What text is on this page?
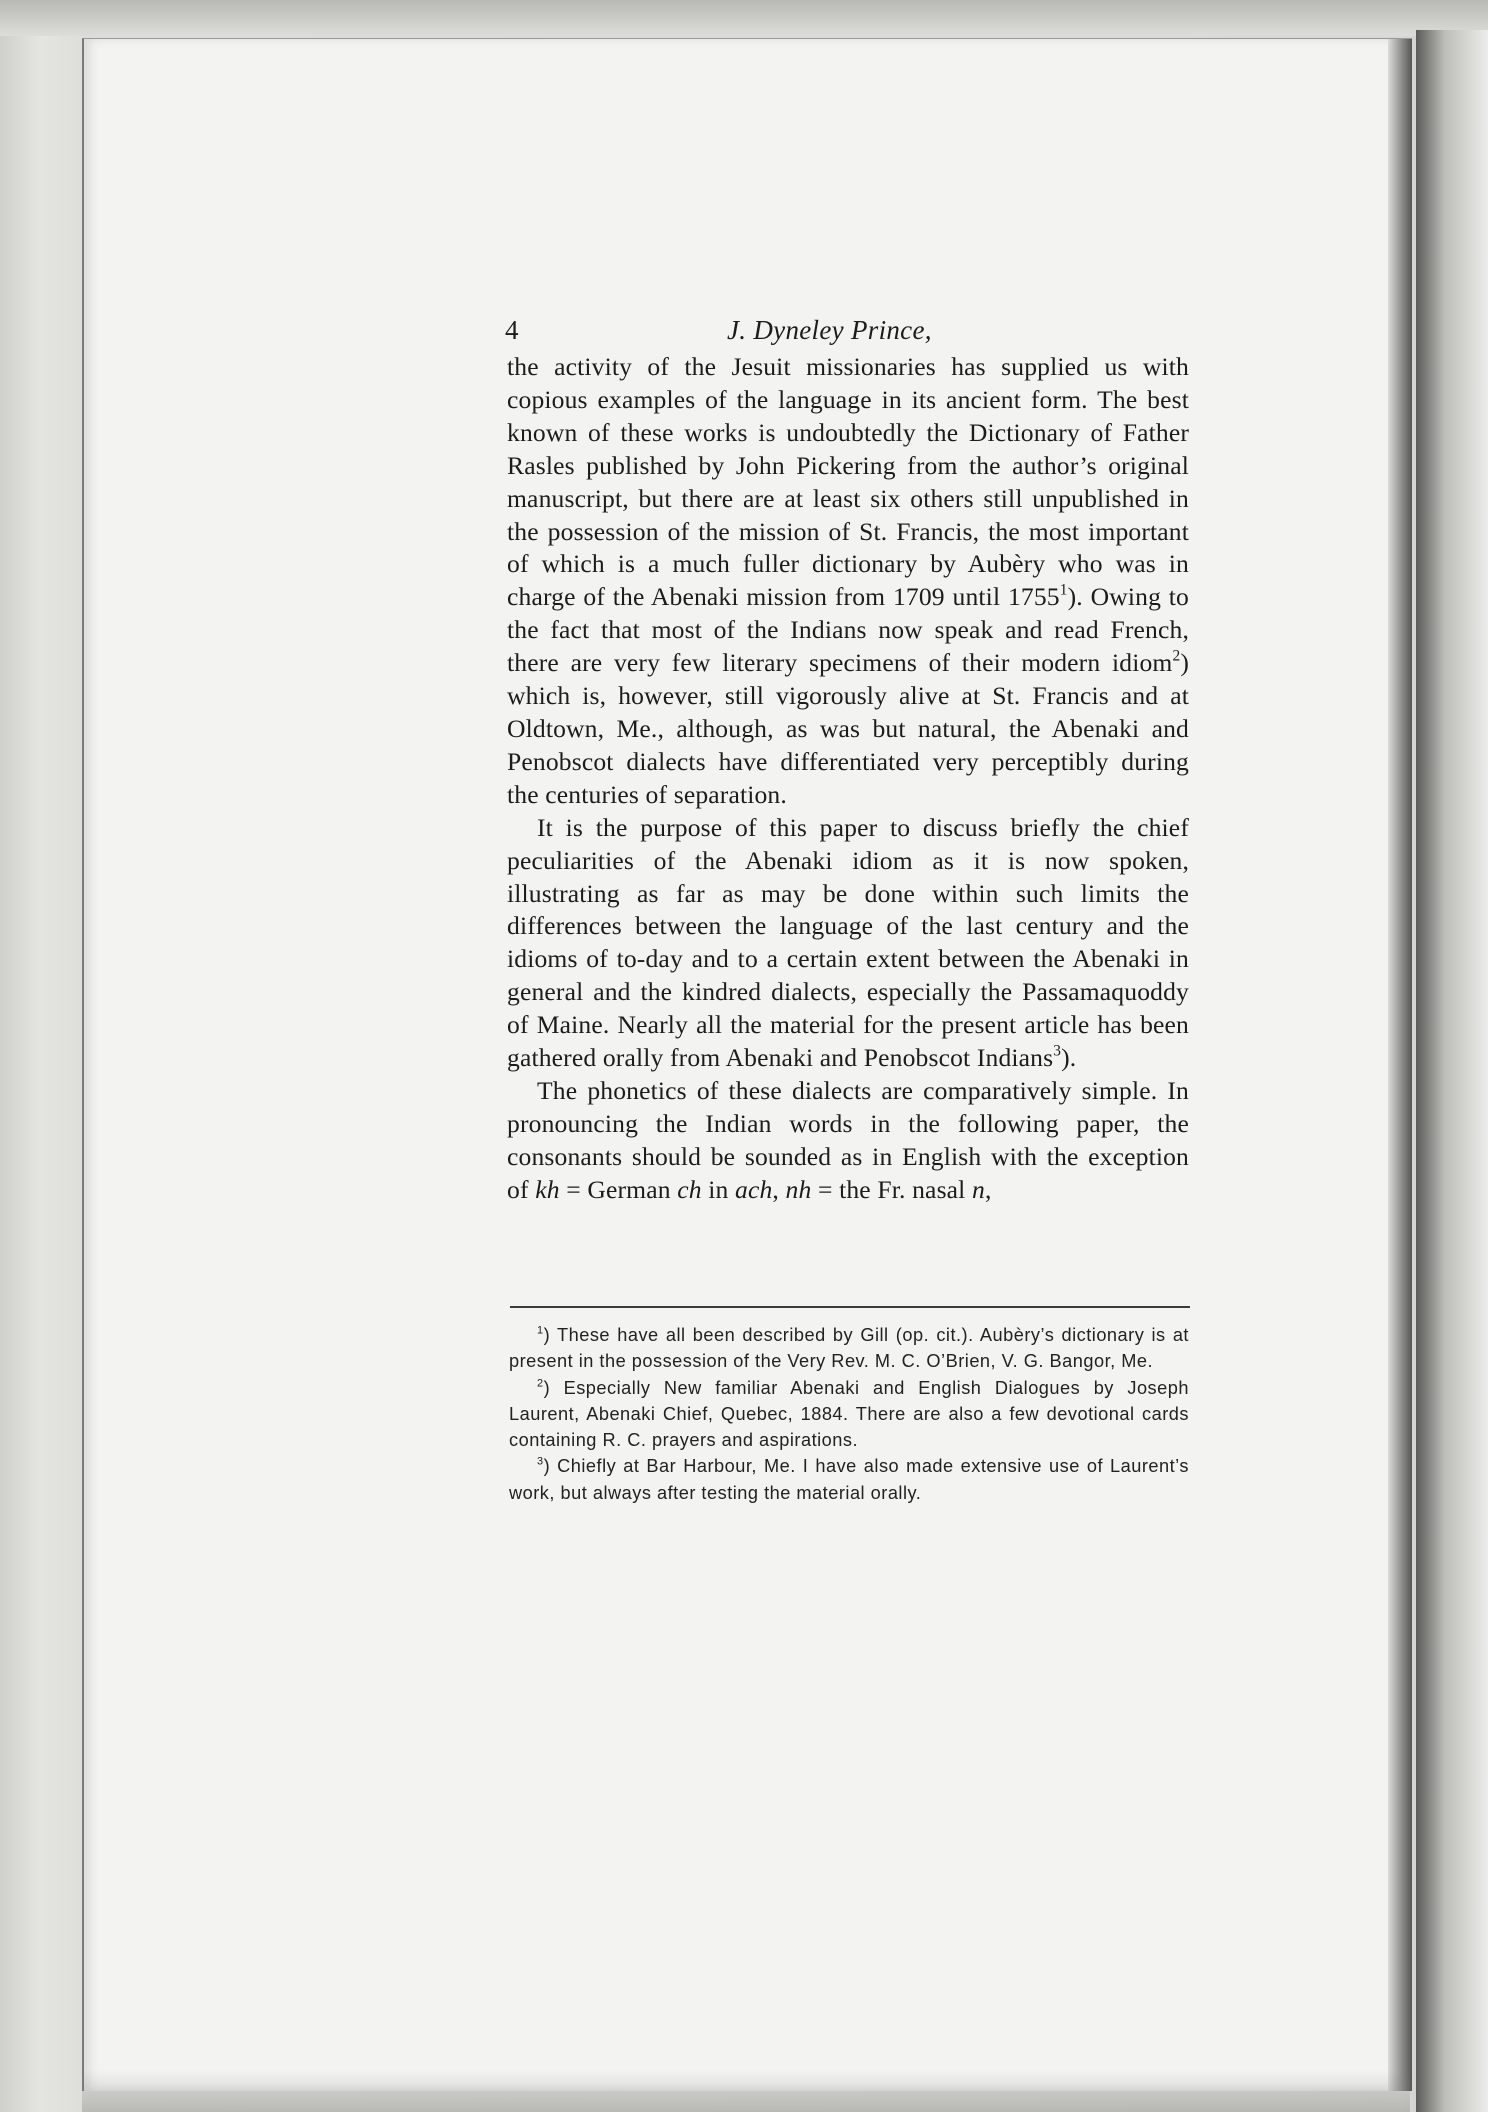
4	J. Dyneley Prince,

the activity of the Jesuit missionaries has supplied us with copious examples of the language in its ancient form. The best known of these works is undoubtedly the Dictionary of Father Rasles published by John Pickering from the author’s original manuscript, but there are at least six others still unpublished in the possession of the mission of St. Francis, the most important of which is a much fuller dictionary by Aubèry who was in charge of the Abenaki mission from 1709 until 1755$^1$). Owing to the fact that most of the Indians now speak and read French, there are very few literary specimens of their modern idiom$^2$) which is, however, still vigorously alive at St. Francis and at Oldtown, Me., although, as was but natural, the Abenaki and Penobscot dialects have differentiated very perceptibly during the centuries of separation.

It is the purpose of this paper to discuss briefly the chief peculiarities of the Abenaki idiom as it is now spoken, illustrating as far as may be done within such limits the differences between the language of the last century and the idioms of to-day and to a certain extent between the Abenaki in general and the kindred dialects, especially the Passamaquoddy of Maine. Nearly all the material for the present article has been gathered orally from Abenaki and Penobscot Indians$^3$).

The phonetics of these dialects are comparatively simple. In pronouncing the Indian words in the following paper, the consonants should be sounded as in English with the exception of kh = German ch in ach, nh = the Fr. nasal n,

$^1$) These have all been described by Gill (op. cit.). Aubèry’s dictionary is at present in the possession of the Very Rev. M. C. O’Brien, V. G. Bangor, Me.

$^2$) Especially New familiar Abenaki and English Dialogues by Joseph Laurent, Abenaki Chief, Quebec, 1884. There are also a few devotional cards containing R. C. prayers and aspirations.

$^3$) Chiefly at Bar Harbour, Me. I have also made extensive use of Laurent’s work, but always after testing the material orally.
